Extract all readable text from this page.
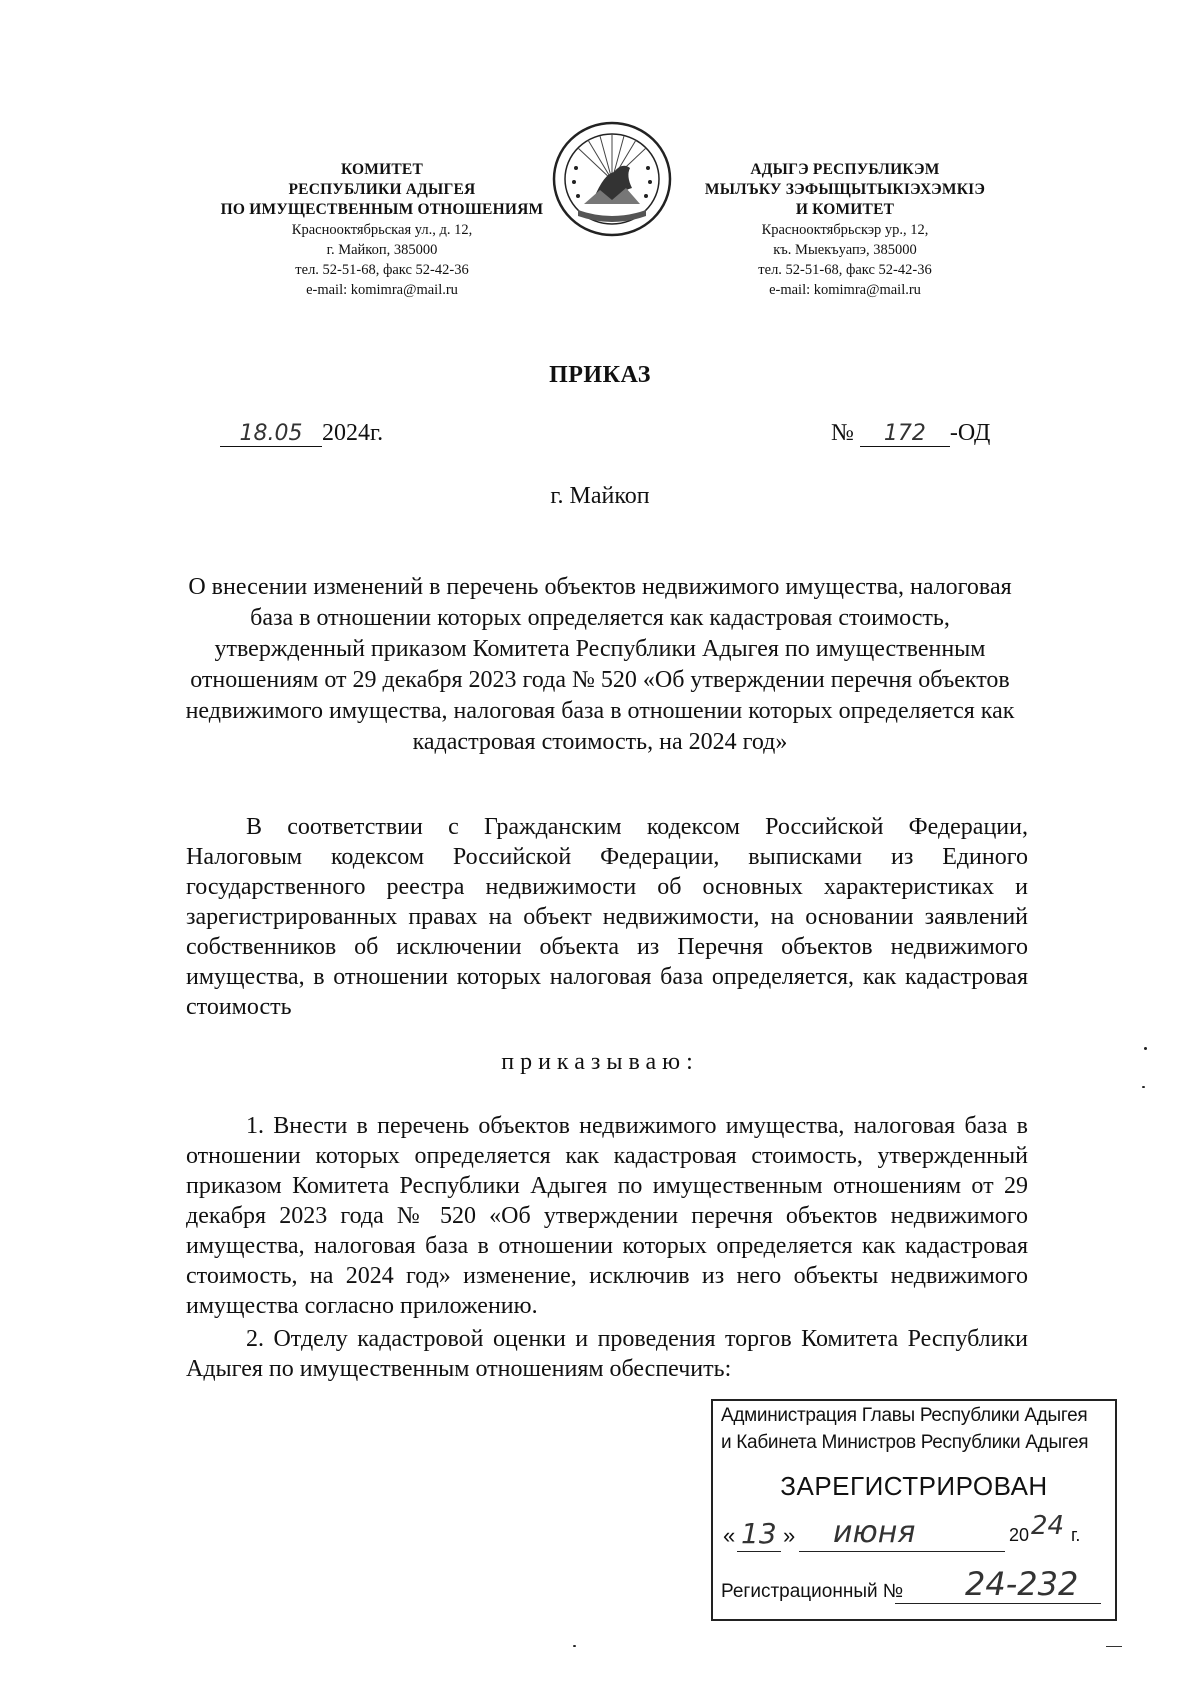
КОМИТЕТ
РЕСПУБЛИКИ АДЫГЕЯ
ПО ИМУЩЕСТВЕННЫМ ОТНОШЕНИЯМ
Краснооктябрьская ул., д. 12,
г. Майкоп, 385000
тел. 52-51-68, факс 52-42-36
e-mail: komimra@mail.ru
АДЫГЭ РЕСПУБЛИКЭМ
МЫЛЪКУ ЗЭФЫЩЫТЫКIЭХЭМКIЭ
И КОМИТЕТ
Краснооктябрьскэр ур., 12,
къ. Мыекъуапэ, 385000
тел. 52-51-68, факс 52-42-36
e-mail: komimra@mail.ru
ПРИКАЗ
18.05 2024г.	№ 172 -ОД
г. Майкоп
О внесении изменений в перечень объектов недвижимого имущества, налоговая база в отношении которых определяется как кадастровая стоимость, утвержденный приказом Комитета Республики Адыгея по имущественным отношениям от 29 декабря 2023 года № 520 «Об утверждении перечня объектов недвижимого имущества, налоговая база в отношении которых определяется как кадастровая стоимость, на 2024 год»
В соответствии с Гражданским кодексом Российской Федерации, Налоговым кодексом Российской Федерации, выписками из Единого государственного реестра недвижимости об основных характеристиках и зарегистрированных правах на объект недвижимости, на основании заявлений собственников об исключении объекта из Перечня объектов недвижимого имущества, в отношении которых налоговая база определяется, как кадастровая стоимость
приказываю:
1. Внести в перечень объектов недвижимого имущества, налоговая база в отношении которых определяется как кадастровая стоимость, утвержденный приказом Комитета Республики Адыгея по имущественным отношениям от 29 декабря 2023 года № 520 «Об утверждении перечня объектов недвижимого имущества, налоговая база в отношении которых определяется как кадастровая стоимость, на 2024 год» изменение, исключив из него объекты недвижимого имущества согласно приложению.
2. Отделу кадастровой оценки и проведения торгов Комитета Республики Адыгея по имущественным отношениям обеспечить:
Администрация Главы Республики Адыгея
и Кабинета Министров Республики Адыгея
ЗАРЕГИСТРИРОВАН
« 13 » июня	20 24 г.
Регистрационный № 24-232
